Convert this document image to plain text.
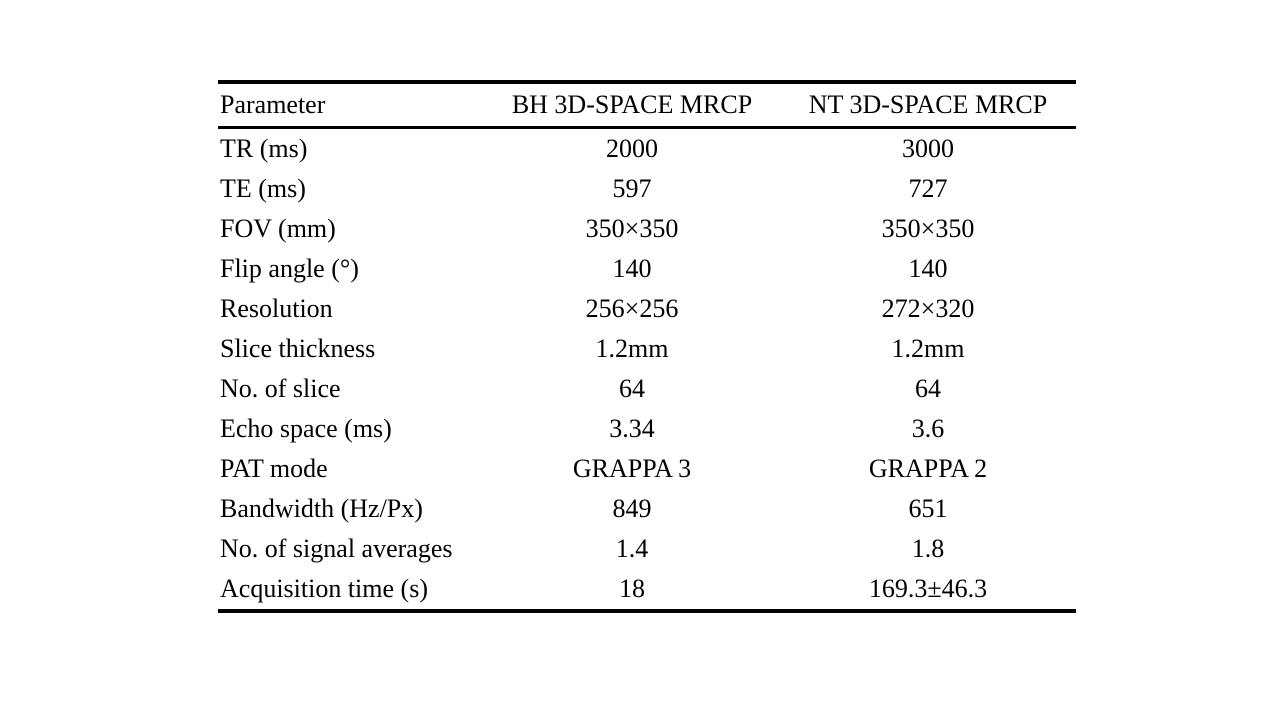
Parameter	BH 3D-SPACE MRCP	NT 3D-SPACE MRCP
TR (ms)	2000	3000
TE (ms)	597	727
FOV (mm)	350×350	350×350
Flip angle (°)	140	140
Resolution	256×256	272×320
Slice thickness	1.2mm	1.2mm
No. of slice	64	64
Echo space (ms)	3.34	3.6
PAT mode	GRAPPA 3	GRAPPA 2
Bandwidth (Hz/Px)	849	651
No. of signal averages	1.4	1.8
Acquisition time (s)	18	169.3±46.3
